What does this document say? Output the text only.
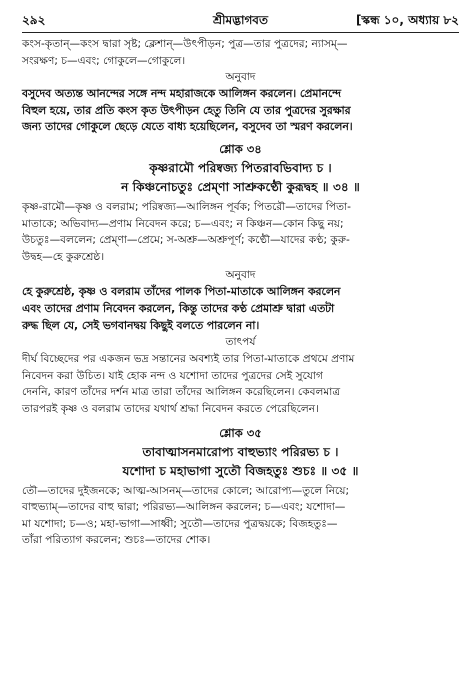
২৯২	শ্রীমদ্ভাগবত	[স্কন্ধ ১০, অধ্যায় ৮২
কংস-কৃতান্—কংস দ্বারা সৃষ্ট; ক্লেশান্—উৎপীড়ন; পুত্র—তার পুত্রদের; ন্যাসম্—
সংরক্ষণ; চ—এবং; গোকুলে—গোকুলে।
অনুবাদ
বসুদেব অত্যন্ত আনন্দের সঙ্গে নন্দ মহারাজকে আলিঙ্গন করলেন। প্রেমানন্দে
বিহুল হয়ে, তার প্রতি কংস কৃত উৎপীড়ন হেতু তিনি যে তার পুত্রদের সুরক্ষার
জন্য তাদের গোকুলে ছেড়ে যেতে বাধ্য হয়েছিলেন, বসুদেব তা স্মরণ করলেন।
শ্লোক ৩৪
কৃষ্ণরামৌ পরিষ্বজ্য পিতরাবভিবাদ্য চ ।
ন কিঞ্চনোচতুঃ প্রেম্ণা সাশ্রুকণ্ঠৌ কুরূদ্বহ ॥ ৩৪ ॥
কৃষ্ণ-রামৌ—কৃষ্ণ ও বলরাম; পরিষ্বজ্য—আলিঙ্গন পূর্বক; পিতরৌ—তাদের পিতা-
মাতাকে; অভিবাদ্য—প্রণাম নিবেদন করে; চ—এবং; ন কিঞ্চন—কোন কিছু নয়;
উচতুঃ—বললেন; প্রেম্ণা—প্রেমে; স-অশ্রু—অশ্রুপূর্ণ; কণ্ঠৌ—যাদের কণ্ঠ; কুরু-
উদ্বহ—হে কুরুশ্রেষ্ঠ।
অনুবাদ
হে কুরুশ্রেষ্ঠ, কৃষ্ণ ও বলরাম তাঁদের পালক পিতা-মাতাকে আলিঙ্গন করলেন
এবং তাদের প্রণাম নিবেদন করলেন, কিন্তু তাদের কণ্ঠ প্রেমাশ্রু দ্বারা এতটা
রুদ্ধ ছিল যে, সেই ভগবানদ্বয় কিছুই বলতে পারলেন না।
তাৎপর্য
দীর্ঘ বিচ্ছেদের পর একজন ভদ্র সন্তানের অবশ্যই তার পিতা-মাতাকে প্রথমে প্রণাম
নিবেদন করা উচিত। যাই হোক নন্দ ও যশোদা তাদের পুত্রদের সেই সুযোগ
দেননি, কারণ তাঁদের দর্শন মাত্র তারা তাঁদের আলিঙ্গন করেছিলেন। কেবলমাত্র
তারপরই কৃষ্ণ ও বলরাম তাদের যথার্থ শ্রদ্ধা নিবেদন করতে পেরেছিলেন।
শ্লোক ৩৫
তাবাত্মাসনমারোপ্য বাহুভ্যাং পরিরভ্য চ ।
যশোদা চ মহাভাগা সুতৌ বিজহতুঃ শুচঃ ॥ ৩৫ ॥
তৌ—তাদের দুইজনকে; আত্ম-আসনম্—তাদের কোলে; আরোপ্য—তুলে নিয়ে;
বাহুভ্যাম্—তাদের বাহু দ্বারা; পরিরভ্য—আলিঙ্গন করলেন; চ—এবং; যশোদা—
মা যশোদা; চ—ও; মহা-ভাগা—সাধ্বী; সুতৌ—তাদের পুত্রদ্বয়কে; বিজহতুঃ—
তাঁরা পরিত্যাগ করলেন; শুচঃ—তাদের শোক।
